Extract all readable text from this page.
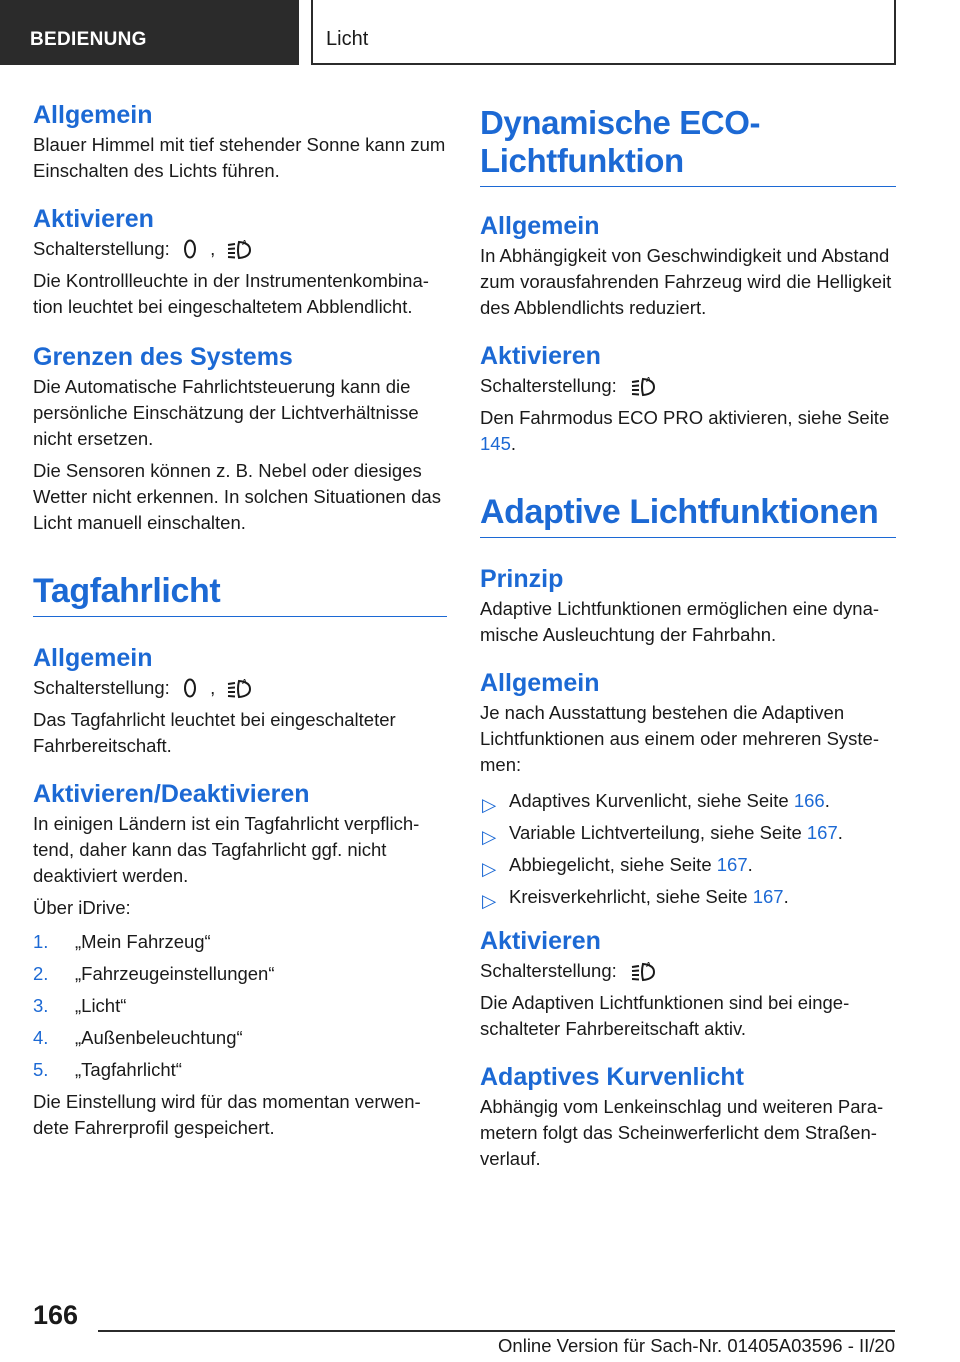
BEDIENUNG	Licht
Allgemein

Blauer Himmel mit tief stehender Sonne kann zum Einschalten des Lichts führen.

Aktivieren

Schalterstellung: ,	A

Die Kontrollleuchte in der Instrumentenkombination leuchtet bei eingeschaltetem Abblendlicht.

Grenzen des Systems

Die Automatische Fahrlichtsteuerung kann die persönliche Einschätzung der Lichtverhältnisse nicht ersetzen.

Die Sensoren können z. B. Nebel oder diesiges Wetter nicht erkennen. In solchen Situationen das Licht manuell einschalten.

Tagfahrlicht
Allgemein

Schalterstellung: ,	A

Das Tagfahrlicht leuchtet bei eingeschalteter Fahrbereitschaft.

Aktivieren/Deaktivieren

In einigen Ländern ist ein Tagfahrlicht verpflichtend, daher kann das Tagfahrlicht ggf. nicht deaktiviert werden.

Über iDrive:

1. „Mein Fahrzeug“
2. „Fahrzeugeinstellungen“
3. „Licht“
4. „Außenbeleuchtung“
5. „Tagfahrlicht“

Die Einstellung wird für das momentan verwendete Fahrerprofil gespeichert.

Dynamische ECO-Lichtfunktion
Allgemein

In Abhängigkeit von Geschwindigkeit und Abstand zum vorausfahrenden Fahrzeug wird die Helligkeit des Abblendlichts reduziert.

Aktivieren

Schalterstellung:	A

Den Fahrmodus ECO PRO aktivieren, siehe Seite 145.

Adaptive Lichtfunktionen
Prinzip

Adaptive Lichtfunktionen ermöglichen eine dynamische Ausleuchtung der Fahrbahn.

Allgemein

Je nach Ausstattung bestehen die Adaptiven Lichtfunktionen aus einem oder mehreren Systemen:

▷ Adaptives Kurvenlicht, siehe Seite 166.
▷ Variable Lichtverteilung, siehe Seite 167.
▷ Abbiegelicht, siehe Seite 167.
▷ Kreisverkehrlicht, siehe Seite 167.
Aktivieren

Schalterstellung:	A

Die Adaptiven Lichtfunktionen sind bei eingeschalteter Fahrbereitschaft aktiv.

Adaptives Kurvenlicht

Abhängig vom Lenkeinschlag und weiteren Parametern folgt das Scheinwerferlicht dem Straßenverlauf.

166
Online Version für Sach-Nr. 01405A03596 - II/20
